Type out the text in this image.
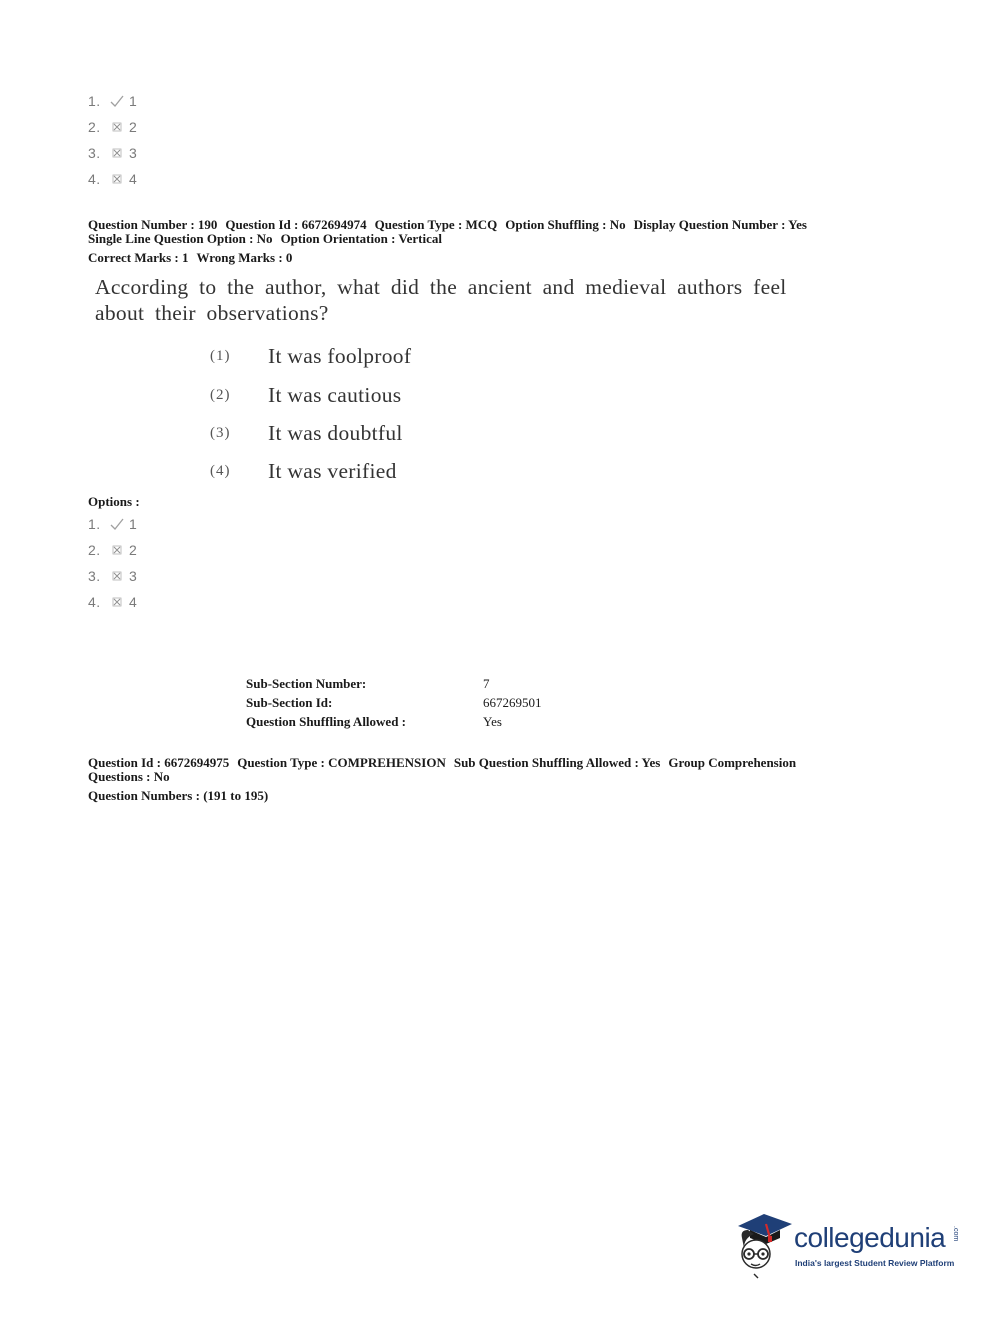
1.	1
2.	2
3.	3
4.	4
Question Number : 190 Question Id : 6672694974 Question Type : MCQ Option Shuffling : No Display Question Number : Yes
Single Line Question Option : No Option Orientation : Vertical
Correct Marks : 1 Wrong Marks : 0
According to the author, what did the ancient and medieval authors feel
about their observations?
(1)	It was foolproof
(2)	It was cautious
(3)	It was doubtful
(4)	It was verified
Options :
1.	1
2.	2
3.	3
4.	4
Sub-Section Number:	7
Sub-Section Id:	667269501
Question Shuffling Allowed :	Yes
Question Id : 6672694975 Question Type : COMPREHENSION Sub Question Shuffling Allowed : Yes Group Comprehension
Questions : No
Question Numbers : (191 to 195)
collegedunia .com
India's largest Student Review Platform
